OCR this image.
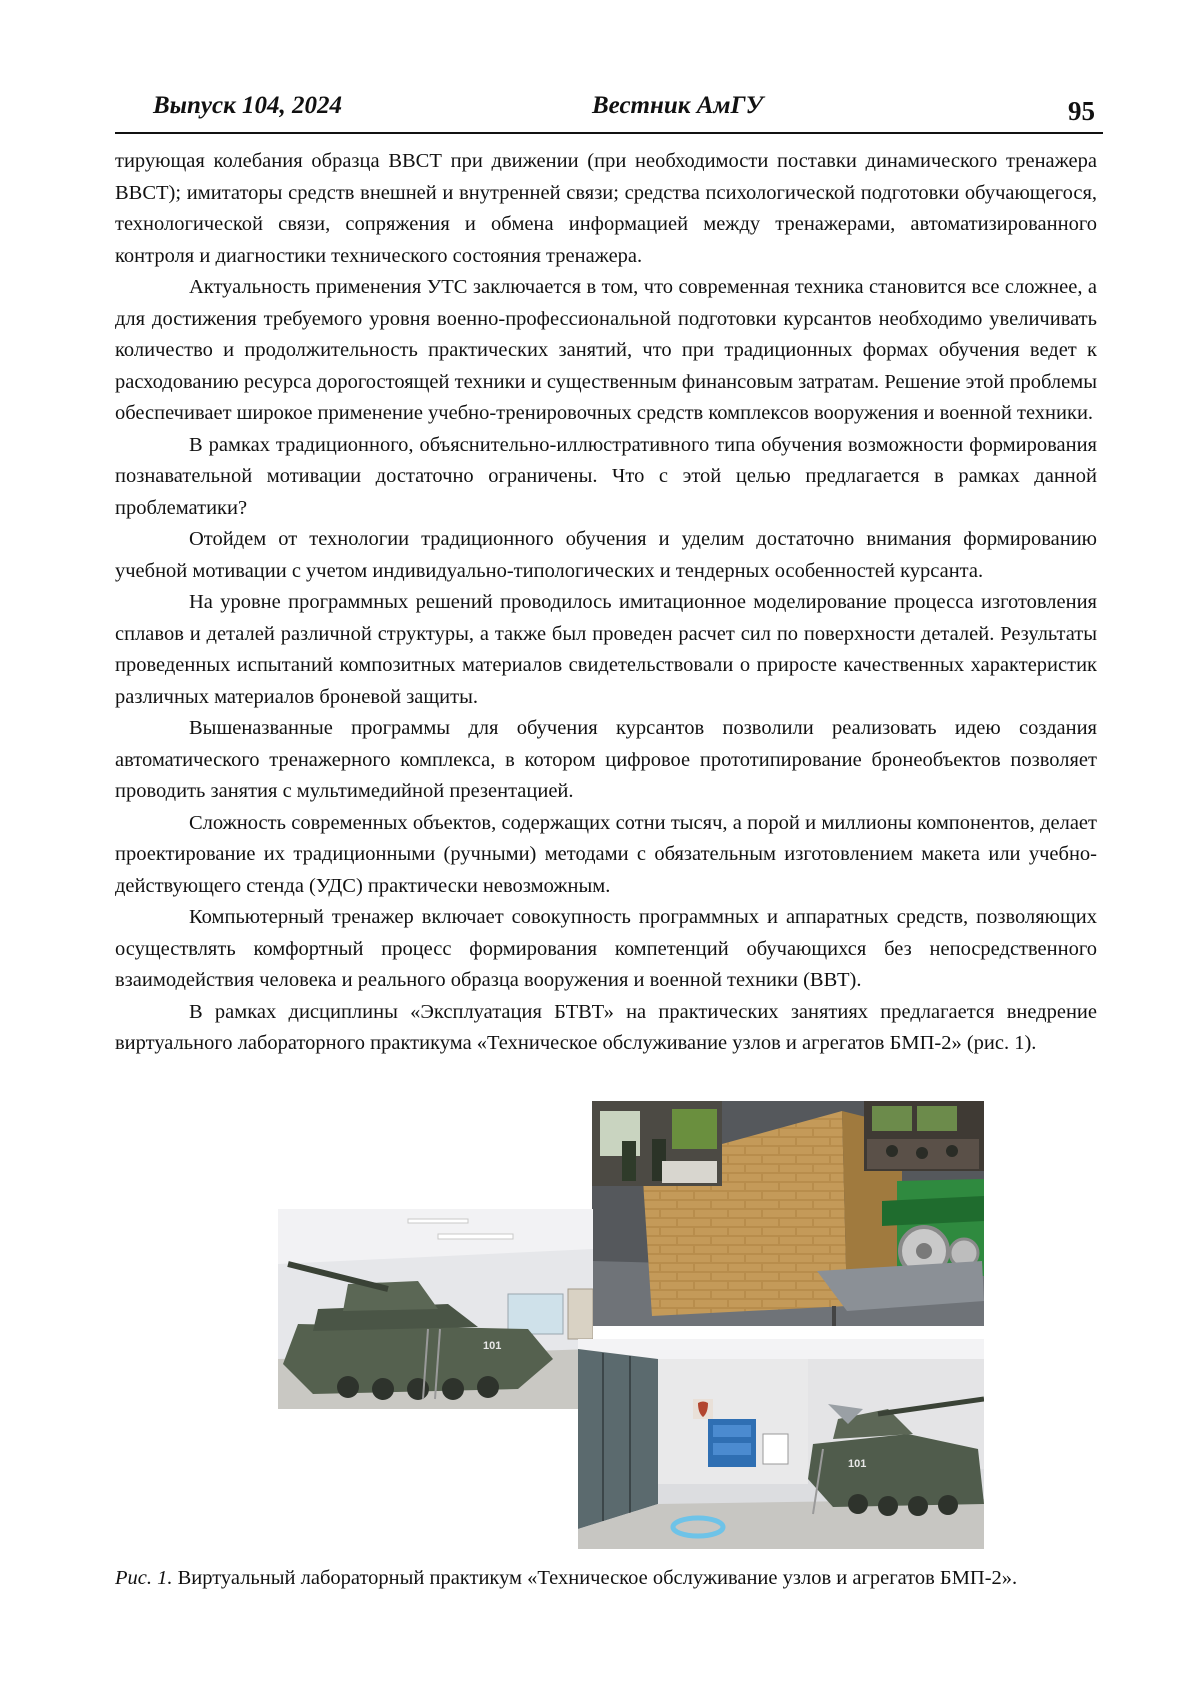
Выпуск 104, 2024	Вестник АмГУ	95

тирующая колебания образца ВВСТ при движении (при необходимости поставки динамического тренажера ВВСТ); имитаторы средств внешней и внутренней связи; средства психологической подготовки обучающегося, технологической связи, сопряжения и обмена информацией между тренажерами, автоматизированного контроля и диагностики технического состояния тренажера.

Актуальность применения УТС заключается в том, что современная техника становится все сложнее, а для достижения требуемого уровня военно-профессиональной подготовки курсантов необходимо увеличивать количество и продолжительность практических занятий, что при традиционных формах обучения ведет к расходованию ресурса дорогостоящей техники и существенным финансовым затратам. Решение этой проблемы обеспечивает широкое применение учебно-тренировочных средств комплексов вооружения и военной техники.

В рамках традиционного, объяснительно-иллюстративного типа обучения возможности формирования познавательной мотивации достаточно ограничены. Что с этой целью предлагается в рамках данной проблематики?

Отойдем от технологии традиционного обучения и уделим достаточно внимания формированию учебной мотивации с учетом индивидуально-типологических и тендерных особенностей курсанта.

На уровне программных решений проводилось имитационное моделирование процесса изготовления сплавов и деталей различной структуры, а также был проведен расчет сил по поверхности деталей. Результаты проведенных испытаний композитных материалов свидетельствовали о приросте качественных характеристик различных материалов броневой защиты.

Вышеназванные программы для обучения курсантов позволили реализовать идею создания автоматического тренажерного комплекса, в котором цифровое прототипирование бронеобъектов позволяет проводить занятия с мультимедийной презентацией.

Сложность современных объектов, содержащих сотни тысяч, а порой и миллионы компонентов, делает проектирование их традиционными (ручными) методами с обязательным изготовлением макета или учебно-действующего стенда (УДС) практически невозможным.

Компьютерный тренажер включает совокупность программных и аппаратных средств, позволяющих осуществлять комфортный процесс формирования компетенций обучающихся без непосредственного взаимодействия человека и реального образца вооружения и военной техники (ВВТ).

В рамках дисциплины «Эксплуатация БТВТ» на практических занятиях предлагается внедрение виртуального лабораторного практикума «Техническое обслуживание узлов и агрегатов БМП-2» (рис. 1).

101
101
Рис. 1. Виртуальный лабораторный практикум «Техническое обслуживание узлов и агрегатов БМП-2».
